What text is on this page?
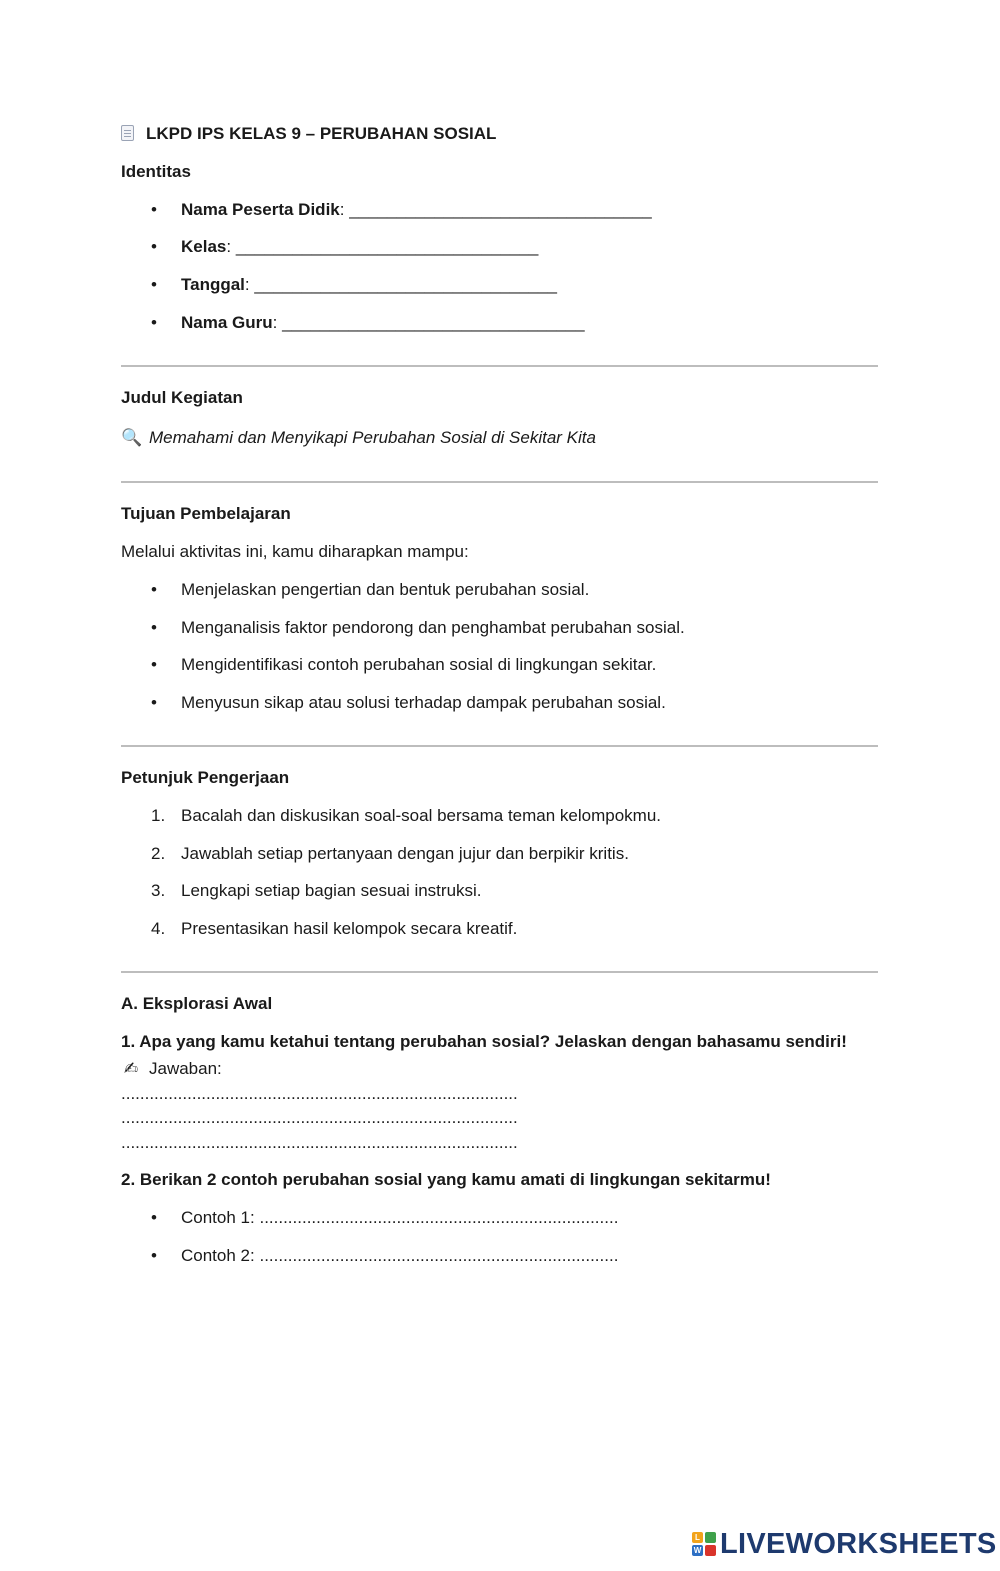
LKPD IPS KELAS 9 – PERUBAHAN SOSIAL
Identitas
• Nama Peserta Didik: ________________________________
• Kelas: ________________________________
• Tanggal: ________________________________
• Nama Guru: ________________________________
Judul Kegiatan
🔍 Memahami dan Menyikapi Perubahan Sosial di Sekitar Kita
Tujuan Pembelajaran
Melalui aktivitas ini, kamu diharapkan mampu:
• Menjelaskan pengertian dan bentuk perubahan sosial.
• Menganalisis faktor pendorong dan penghambat perubahan sosial.
• Mengidentifikasi contoh perubahan sosial di lingkungan sekitar.
• Menyusun sikap atau solusi terhadap dampak perubahan sosial.
Petunjuk Pengerjaan
1. Bacalah dan diskusikan soal-soal bersama teman kelompokmu.
2. Jawablah setiap pertanyaan dengan jujur dan berpikir kritis.
3. Lengkapi setiap bagian sesuai instruksi.
4. Presentasikan hasil kelompok secara kreatif.
A. Eksplorasi Awal
1. Apa yang kamu ketahui tentang perubahan sosial? Jelaskan dengan bahasamu sendiri!
✍ Jawaban:
....................................................................................
....................................................................................
....................................................................................
2. Berikan 2 contoh perubahan sosial yang kamu amati di lingkungan sekitarmu!
• Contoh 1: ............................................................................
• Contoh 2: ............................................................................
L
W LIVEWORKSHEETS
